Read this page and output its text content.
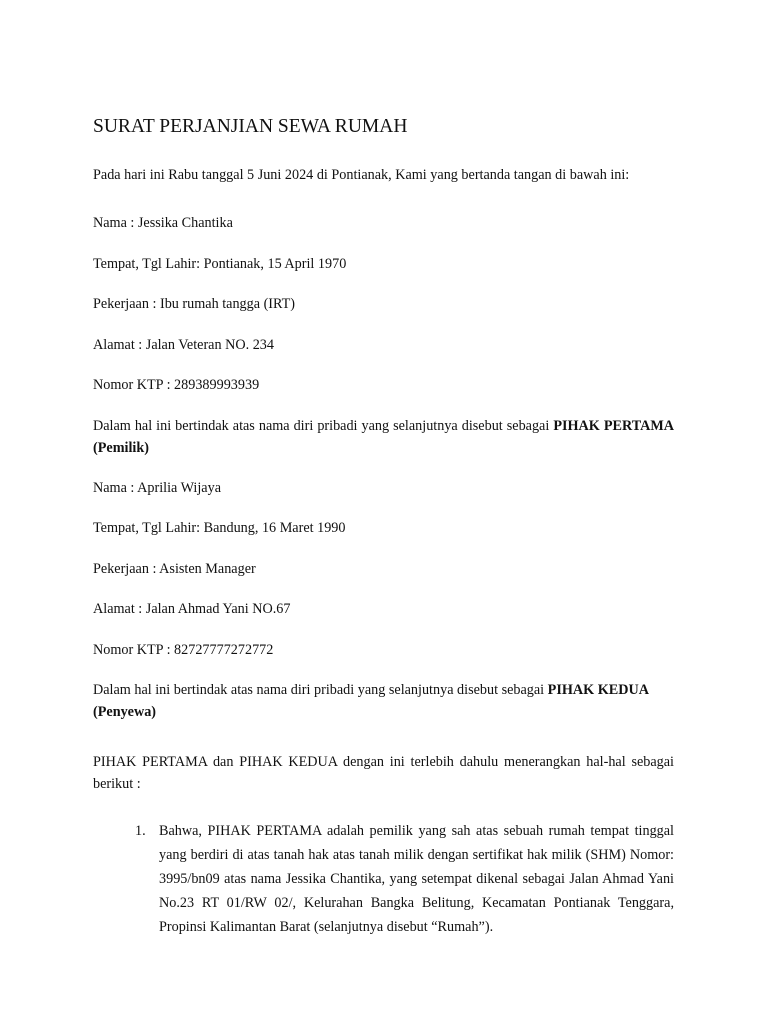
SURAT PERJANJIAN SEWA RUMAH

Pada hari ini Rabu tanggal 5 Juni 2024 di Pontianak, Kami yang bertanda tangan di bawah ini:

Nama : Jessika Chantika

Tempat, Tgl Lahir: Pontianak, 15 April 1970

Pekerjaan : Ibu rumah tangga (IRT)

Alamat : Jalan Veteran NO. 234

Nomor KTP : 289389993939

Dalam hal ini bertindak atas nama diri pribadi yang selanjutnya disebut sebagai PIHAK PERTAMA (Pemilik)

Nama : Aprilia Wijaya

Tempat, Tgl Lahir: Bandung, 16 Maret 1990

Pekerjaan : Asisten Manager

Alamat : Jalan Ahmad Yani NO.67

Nomor KTP : 82727777272772

Dalam hal ini bertindak atas nama diri pribadi yang selanjutnya disebut sebagai PIHAK KEDUA (Penyewa)

PIHAK PERTAMA dan PIHAK KEDUA dengan ini terlebih dahulu menerangkan hal-hal sebagai berikut :

1. Bahwa, PIHAK PERTAMA adalah pemilik yang sah atas sebuah rumah tempat tinggal yang berdiri di atas tanah hak atas tanah milik dengan sertifikat hak milik (SHM) Nomor: 3995/bn09 atas nama Jessika Chantika, yang setempat dikenal sebagai Jalan Ahmad Yani No.23 RT 01/RW 02/, Kelurahan Bangka Belitung, Kecamatan Pontianak Tenggara, Propinsi Kalimantan Barat (selanjutnya disebut “Rumah”).
